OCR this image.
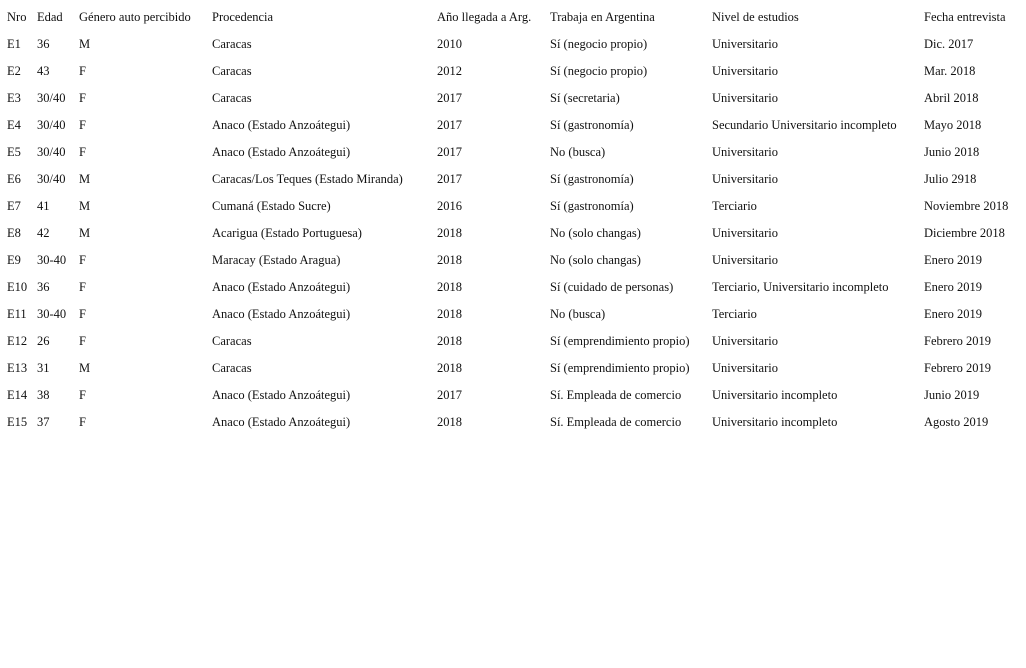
Nro	Edad	Género auto percibido	Procedencia	Año llegada a Arg.	Trabaja en Argentina	Nivel de estudios	Fecha entrevista
E1	36	M	Caracas	2010	Sí (negocio propio)	Universitario	Dic. 2017
E2	43	F	Caracas	2012	Sí (negocio propio)	Universitario	Mar. 2018
E3	30/40	F	Caracas	2017	Sí (secretaria)	Universitario	Abril 2018
E4	30/40	F	Anaco (Estado Anzoátegui)	2017	Sí (gastronomía)	Secundario Universitario incompleto	Mayo 2018
E5	30/40	F	Anaco (Estado Anzoátegui)	2017	No (busca)	Universitario	Junio 2018
E6	30/40	M	Caracas/Los Teques (Estado Miranda)	2017	Sí (gastronomía)	Universitario	Julio 2918
E7	41	M	Cumaná (Estado Sucre)	2016	Sí (gastronomía)	Terciario	Noviembre 2018
E8	42	M	Acarigua (Estado Portuguesa)	2018	No (solo changas)	Universitario	Diciembre 2018
E9	30-40	F	Maracay (Estado Aragua)	2018	No (solo changas)	Universitario	Enero 2019
E10	36	F	Anaco (Estado Anzoátegui)	2018	Sí (cuidado de personas)	Terciario, Universitario incompleto	Enero 2019
E11	30-40	F	Anaco (Estado Anzoátegui)	2018	No (busca)	Terciario	Enero 2019
E12	26	F	Caracas	2018	Sí (emprendimiento propio)	Universitario	Febrero 2019
E13	31	M	Caracas	2018	Sí (emprendimiento propio)	Universitario	Febrero 2019
E14	38	F	Anaco (Estado Anzoátegui)	2017	Sí. Empleada de comercio	Universitario incompleto	Junio 2019
E15	37	F	Anaco (Estado Anzoátegui)	2018	Sí. Empleada de comercio	Universitario incompleto	Agosto 2019
